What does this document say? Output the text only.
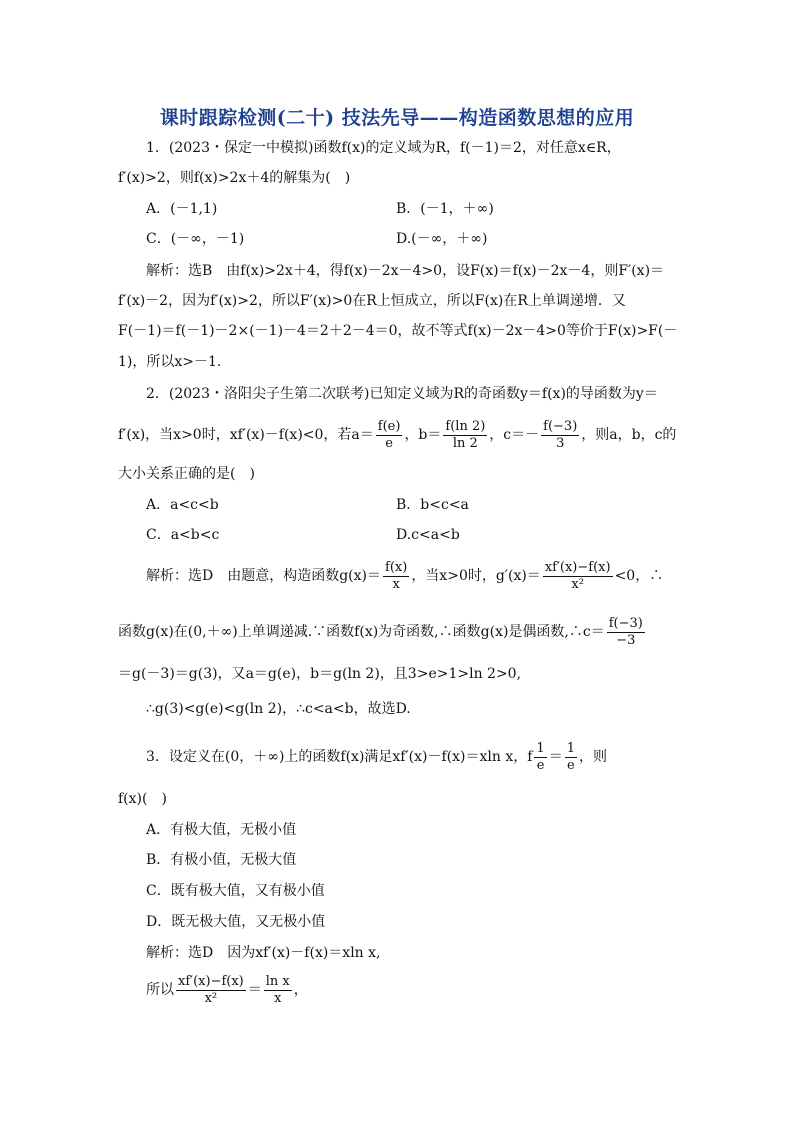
课时跟踪检测(二十) 技法先导——构造函数思想的应用
1．(2023・保定一中模拟)函数f(x)的定义域为R，f(－1)＝2，对任意x∈R，
f′(x)>2，则f(x)>2x＋4的解集为(　)
A．(－1,1)	B．(－1，＋∞)
C．(－∞，－1)	D.(－∞，＋∞)
解析：选B　由f(x)>2x＋4，得f(x)－2x－4>0，设F(x)＝f(x)－2x－4，则F′(x)＝
f′(x)－2，因为f′(x)>2，所以F′(x)>0在R上恒成立，所以F(x)在R上单调递增．又
F(－1)＝f(－1)－2×(－1)－4＝2＋2－4＝0，故不等式f(x)－2x－4>0等价于F(x)>F(－
1)，所以x>－1.
2．(2023・洛阳尖子生第二次联考)已知定义域为R的奇函数y＝f(x)的导函数为y＝
f′(x)，当x>0时，xf′(x)－f(x)<0，若$a= \frac{f(e)}{e}$ ，$b= \frac{f(\ln 2)}{\ln 2}$ ，$c=- \frac{f(-3)}{3}$ ，则a，b，c的
大小关系正确的是(　)
A．a<c<b	B．b<c<a
C．a<b<c	D.c<a<b
解析：选D　由题意，构造函数$g(x)= \frac{f(x)}{x}$ ，当x>0时，$g'(x)= \frac{xf'(x)-f(x)}{\text{x²}} <0$，∴
函数g(x)在(0,＋∞)上单调递减.∵函数f(x)为奇函数,∴函数g(x)是偶函数,∴c＝ $\frac{f(-3)}{-3}$
＝g(－3)＝g(3)，又a＝g(e)，b＝g(ln 2)，且3>e>1>ln 2>0,
∴g(3)<g(e)<g(ln 2)，∴c<a<b，故选D.
3．设定义在(0，＋∞)上的函数f(x)满足xf′(x)－f(x)＝xln x，f $\frac{1}{e} = \frac{1}{e}$ ，则
f(x)(　)
A．有极大值，无极小值
B．有极小值，无极大值
C．既有极大值，又有极小值
D．既无极大值，又无极小值
解析：选D　因为xf′(x)－f(x)＝xln x,
所以 $\frac{xf'(x)-f(x)}{\text{x²}} = \frac{\text{ln x}}{x}$ ，
